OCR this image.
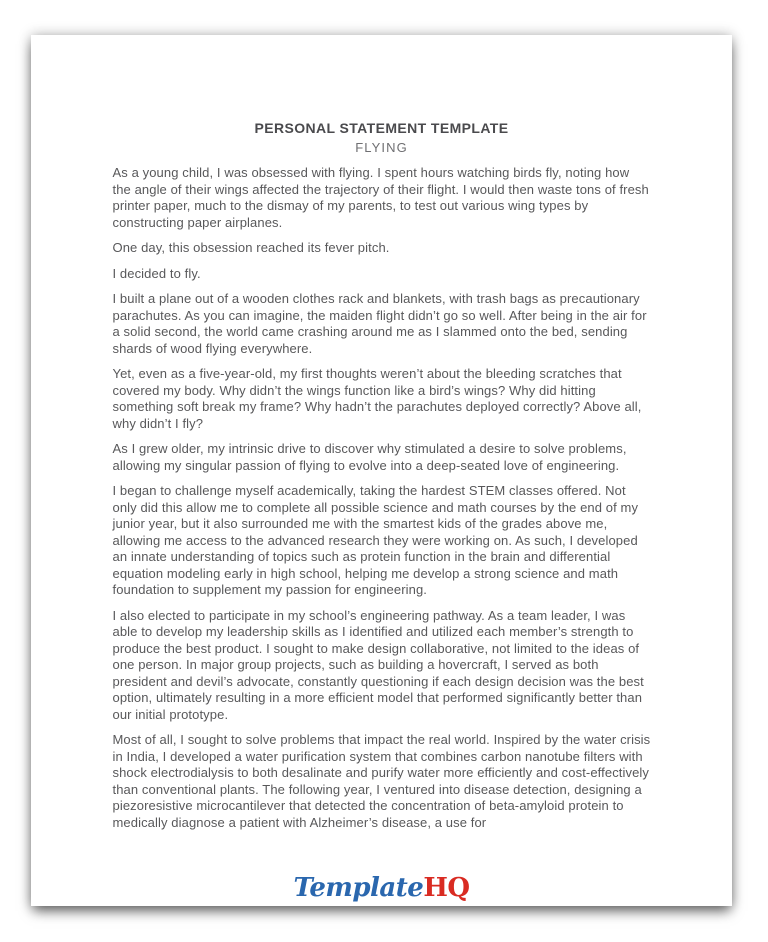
PERSONAL STATEMENT TEMPLATE
FLYING

As a young child, I was obsessed with flying. I spent hours watching birds fly, noting how the angle of their wings affected the trajectory of their flight. I would then waste tons of fresh printer paper, much to the dismay of my parents, to test out various wing types by constructing paper airplanes.

One day, this obsession reached its fever pitch.

I decided to fly.

I built a plane out of a wooden clothes rack and blankets, with trash bags as precautionary parachutes. As you can imagine, the maiden flight didn’t go so well. After being in the air for a solid second, the world came crashing around me as I slammed onto the bed, sending shards of wood flying everywhere.

Yet, even as a five-year-old, my first thoughts weren’t about the bleeding scratches that covered my body. Why didn’t the wings function like a bird’s wings? Why did hitting something soft break my frame? Why hadn’t the parachutes deployed correctly? Above all, why didn’t I fly?

As I grew older, my intrinsic drive to discover why stimulated a desire to solve problems, allowing my singular passion of flying to evolve into a deep-seated love of engineering.

I began to challenge myself academically, taking the hardest STEM classes offered. Not only did this allow me to complete all possible science and math courses by the end of my junior year, but it also surrounded me with the smartest kids of the grades above me, allowing me access to the advanced research they were working on. As such, I developed an innate understanding of topics such as protein function in the brain and differential equation modeling early in high school, helping me develop a strong science and math foundation to supplement my passion for engineering.

I also elected to participate in my school’s engineering pathway. As a team leader, I was able to develop my leadership skills as I identified and utilized each member’s strength to produce the best product. I sought to make design collaborative, not limited to the ideas of one person. In major group projects, such as building a hovercraft, I served as both president and devil’s advocate, constantly questioning if each design decision was the best option, ultimately resulting in a more efficient model that performed significantly better than our initial prototype.

Most of all, I sought to solve problems that impact the real world. Inspired by the water crisis in India, I developed a water purification system that combines carbon nanotube filters with shock electrodialysis to both desalinate and purify water more efficiently and cost-effectively than conventional plants. The following year, I ventured into disease detection, designing a piezoresistive microcantilever that detected the concentration of beta-amyloid protein to medically diagnose a patient with Alzheimer’s disease, a use for

TemplateHQ
